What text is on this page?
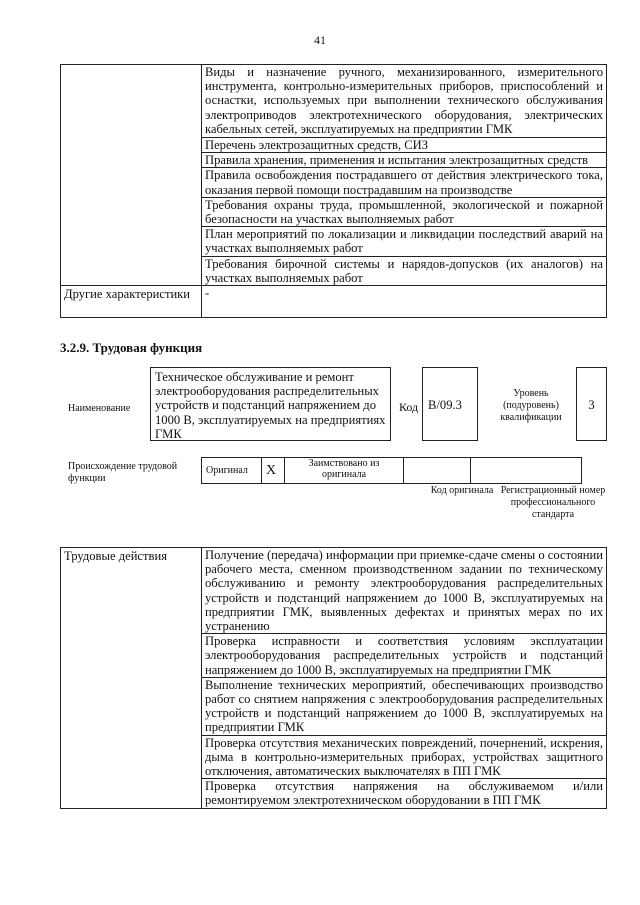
41
	Виды и назначение ручного, механизированного, измерительного инструмента, контрольно-измерительных приборов, приспособлений и оснастки, используемых при выполнении технического обслуживания электроприводов электротехнического оборудования, электрических кабельных сетей, эксплуатируемых на предприятии ГМК
	Перечень электрозащитных средств, СИЗ
	Правила хранения, применения и испытания электрозащитных средств
	Правила освобождения пострадавшего от действия электрического тока, оказания первой помощи пострадавшим на производстве
	Требования охраны труда, промышленной, экологической и пожарной безопасности на участках выполняемых работ
	План мероприятий по локализации и ликвидации последствий аварий на участках выполняемых работ
	Требования бирочной системы и нарядов-допусков (их аналогов) на участках выполняемых работ
Другие характеристики	-
3.2.9. Трудовая функция
Наименование
Техническое обслуживание и ремонт электрооборудования распределительных устройств и подстанций напряжением до 1000 В, эксплуатируемых на предприятиях ГМК
Код B/09.3
Уровень (подуровень) квалификации
3
Происхождение трудовой функции
Оригинал	X	Заимствовано из оригинала		
Код оригинала Регистрационный номер профессионального стандарта
Трудовые действия	Получение (передача) информации при приемке-сдаче смены о состоянии рабочего места, сменном производственном задании по техническому обслуживанию и ремонту электрооборудования распределительных устройств и подстанций напряжением до 1000 В, эксплуатируемых на предприятии ГМК, выявленных дефектах и принятых мерах по их устранению
Проверка исправности и соответствия условиям эксплуатации электрооборудования распределительных устройств и подстанций напряжением до 1000 В, эксплуатируемых на предприятии ГМК
Выполнение технических мероприятий, обеспечивающих производство работ со снятием напряжения с электрооборудования распределительных устройств и подстанций напряжением до 1000 В, эксплуатируемых на предприятии ГМК
Проверка отсутствия механических повреждений, почернений, искрения, дыма в контрольно-измерительных приборах, устройствах защитного отключения, автоматических выключателях в ПП ГМК
Проверка отсутствия напряжения на обслуживаемом и/или ремонтируемом электротехническом оборудовании в ПП ГМК
